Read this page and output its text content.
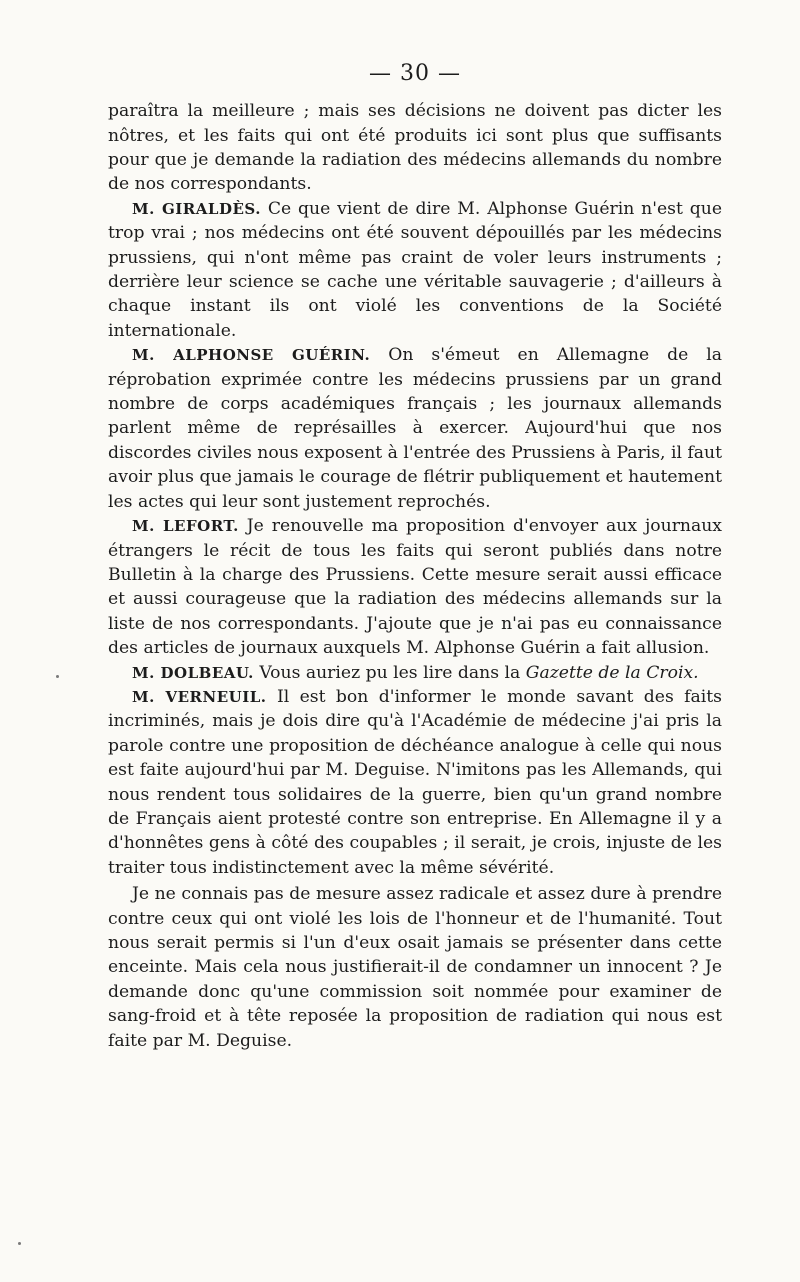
— 30 —

paraîtra la meilleure ; mais ses décisions ne doivent pas dicter les nôtres, et les faits qui ont été produits ici sont plus que suffisants pour que je demande la radiation des médecins allemands du nombre de nos correspondants.

M. GIRALDÈS. Ce que vient de dire M. Alphonse Guérin n'est que trop vrai ; nos médecins ont été souvent dépouillés par les médecins prussiens, qui n'ont même pas craint de voler leurs instruments ; derrière leur science se cache une véritable sauvagerie ; d'ailleurs à chaque instant ils ont violé les conventions de la Société internationale.

M. ALPHONSE GUÉRIN. On s'émeut en Allemagne de la réprobation exprimée contre les médecins prussiens par un grand nombre de corps académiques français ; les journaux allemands parlent même de représailles à exercer. Aujourd'hui que nos discordes civiles nous exposent à l'entrée des Prussiens à Paris, il faut avoir plus que jamais le courage de flétrir publiquement et hautement les actes qui leur sont justement reprochés.

M. LEFORT. Je renouvelle ma proposition d'envoyer aux journaux étrangers le récit de tous les faits qui seront publiés dans notre Bulletin à la charge des Prussiens. Cette mesure serait aussi efficace et aussi courageuse que la radiation des médecins allemands sur la liste de nos correspondants. J'ajoute que je n'ai pas eu connaissance des articles de journaux auxquels M. Alphonse Guérin a fait allusion.

M. DOLBEAU. Vous auriez pu les lire dans la Gazette de la Croix.

M. VERNEUIL. Il est bon d'informer le monde savant des faits incriminés, mais je dois dire qu'à l'Académie de médecine j'ai pris la parole contre une proposition de déchéance analogue à celle qui nous est faite aujourd'hui par M. Deguise. N'imitons pas les Allemands, qui nous rendent tous solidaires de la guerre, bien qu'un grand nombre de Français aient protesté contre son entreprise. En Allemagne il y a d'honnêtes gens à côté des coupables ; il serait, je crois, injuste de les traiter tous indistinctement avec la même sévérité.

Je ne connais pas de mesure assez radicale et assez dure à prendre contre ceux qui ont violé les lois de l'honneur et de l'humanité. Tout nous serait permis si l'un d'eux osait jamais se présenter dans cette enceinte. Mais cela nous justifierait-il de condamner un innocent ? Je demande donc qu'une commission soit nommée pour examiner de sang-froid et à tête reposée la proposition de radiation qui nous est faite par M. Deguise.
